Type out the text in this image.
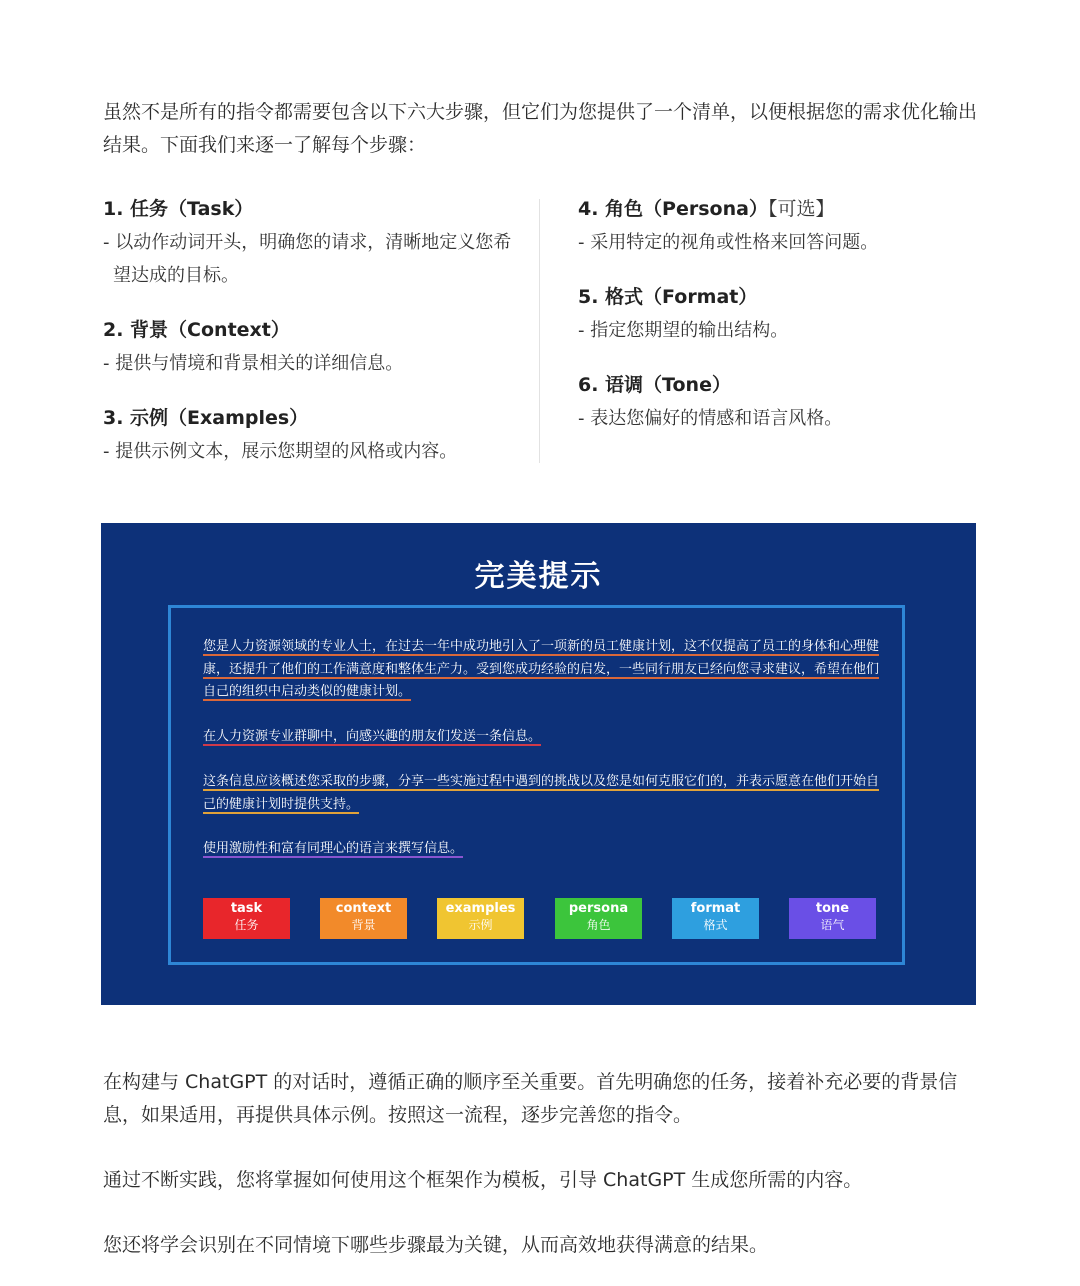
虽然不是所有的指令都需要包含以下六大步骤，但它们为您提供了一个清单，以便根据您的需求优化输出结果。下面我们来逐一了解每个步骤：

1. 任务（Task）
- 以动作动词开头，明确您的请求，清晰地定义您希望达成的目标。
2. 背景（Context）
- 提供与情境和背景相关的详细信息。
3. 示例（Examples）
- 提供示例文本，展示您期望的风格或内容。
4. 角色（Persona）【可选】
- 采用特定的视角或性格来回答问题。
5. 格式（Format）
- 指定您期望的输出结构。
6. 语调（Tone）
- 表达您偏好的情感和语言风格。
完美提示

您是人力资源领域的专业人士，在过去一年中成功地引入了一项新的员工健康计划，这不仅提高了员工的身体和心理健康，还提升了他们的工作满意度和整体生产力。受到您成功经验的启发，一些同行朋友已经向您寻求建议，希望在他们自己的组织中启动类似的健康计划。

在人力资源专业群聊中，向感兴趣的朋友们发送一条信息。

这条信息应该概述您采取的步骤，分享一些实施过程中遇到的挑战以及您是如何克服它们的，并表示愿意在他们开始自己的健康计划时提供支持。

使用激励性和富有同理心的语言来撰写信息。

task
任务
context
背景
examples
示例
persona
角色
format
格式
tone
语气

在构建与 ChatGPT 的对话时，遵循正确的顺序至关重要。首先明确您的任务，接着补充必要的背景信息，如果适用，再提供具体示例。按照这一流程，逐步完善您的指令。

通过不断实践，您将掌握如何使用这个框架作为模板，引导 ChatGPT 生成您所需的内容。

您还将学会识别在不同情境下哪些步骤最为关键，从而高效地获得满意的结果。
